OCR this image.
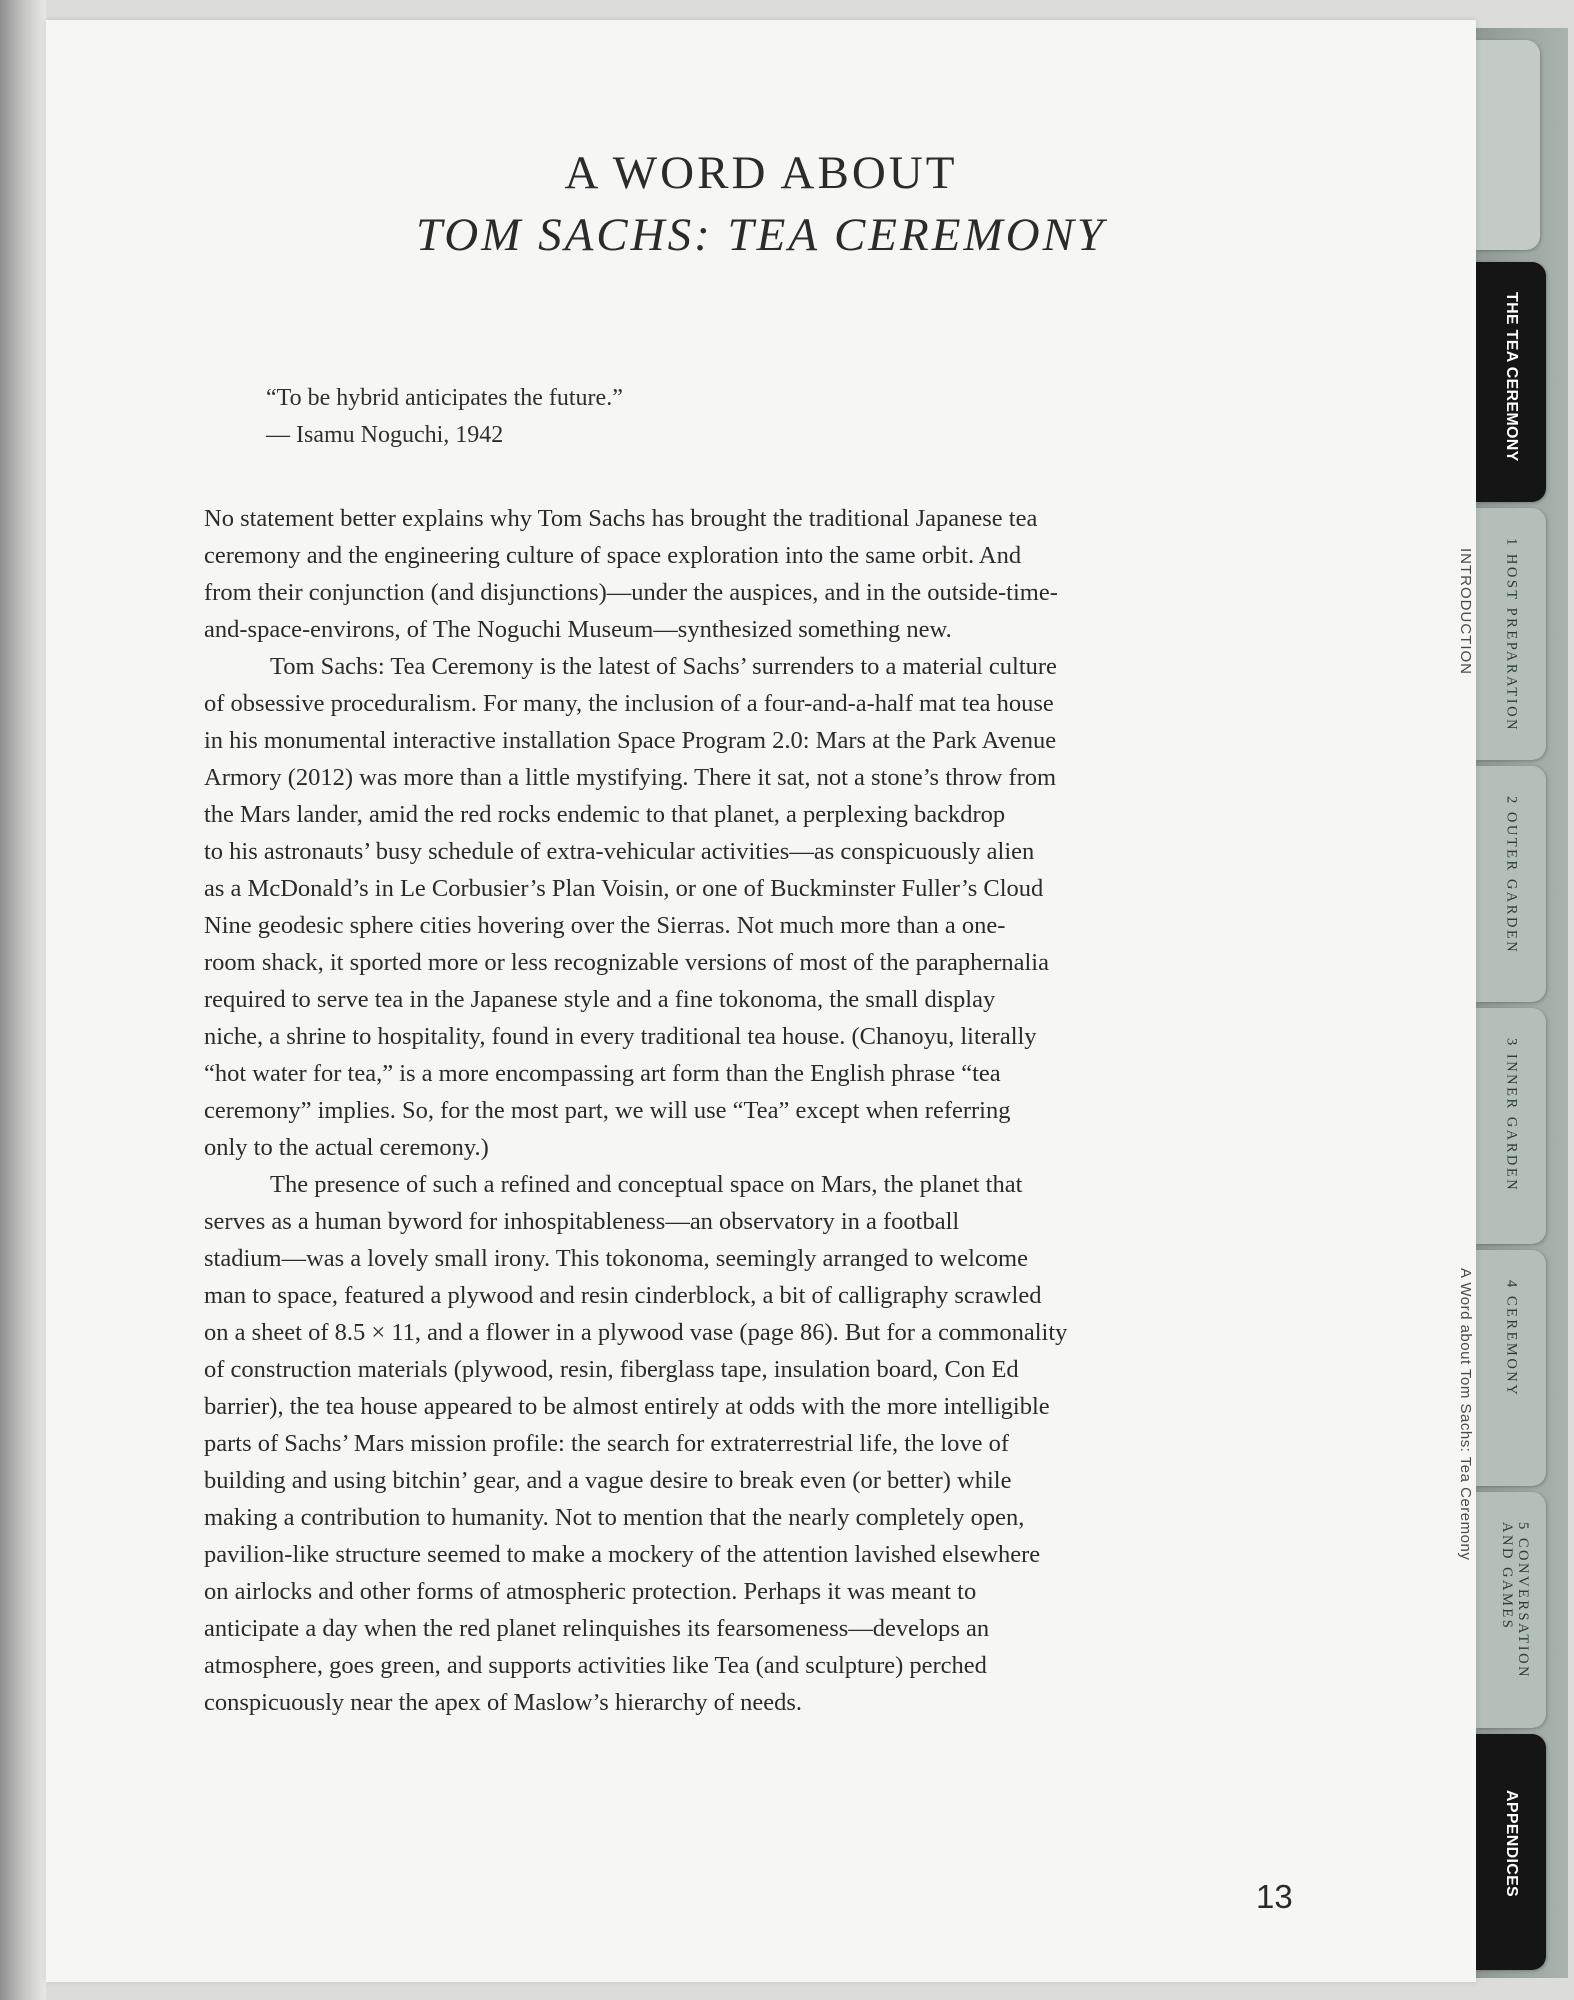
THE TEA CEREMONY
1 HOST PREPARATION
2 OUTER GARDEN
3 INNER GARDEN
4 CEREMONY
5 CONVERSATION AND GAMES
APPENDICES
A WORD ABOUT
TOM SACHS: TEA CEREMONY
“To be hybrid anticipates the future.”
— Isamu Noguchi, 1942
No statement better explains why Tom Sachs has brought the traditional Japanese tea
ceremony and the engineering culture of space exploration into the same orbit. And
from their conjunction (and disjunctions)—under the auspices, and in the outside-time-
and-space-environs, of The Noguchi Museum—synthesized something new.
Tom Sachs: Tea Ceremony is the latest of Sachs’ surrenders to a material culture
of obsessive proceduralism. For many, the inclusion of a four-and-a-half mat tea house
in his monumental interactive installation Space Program 2.0: Mars at the Park Avenue
Armory (2012) was more than a little mystifying. There it sat, not a stone’s throw from
the Mars lander, amid the red rocks endemic to that planet, a perplexing backdrop
to his astronauts’ busy schedule of extra-vehicular activities—as conspicuously alien
as a McDonald’s in Le Corbusier’s Plan Voisin, or one of Buckminster Fuller’s Cloud
Nine geodesic sphere cities hovering over the Sierras. Not much more than a one-
room shack, it sported more or less recognizable versions of most of the paraphernalia
required to serve tea in the Japanese style and a fine tokonoma, the small display
niche, a shrine to hospitality, found in every traditional tea house. (Chanoyu, literally
“hot water for tea,” is a more encompassing art form than the English phrase “tea
ceremony” implies. So, for the most part, we will use “Tea” except when referring
only to the actual ceremony.)
The presence of such a refined and conceptual space on Mars, the planet that
serves as a human byword for inhospitableness—an observatory in a football
stadium—was a lovely small irony. This tokonoma, seemingly arranged to welcome
man to space, featured a plywood and resin cinderblock, a bit of calligraphy scrawled
on a sheet of 8.5 × 11, and a flower in a plywood vase (page 86). But for a commonality
of construction materials (plywood, resin, fiberglass tape, insulation board, Con Ed
barrier), the tea house appeared to be almost entirely at odds with the more intelligible
parts of Sachs’ Mars mission profile: the search for extraterrestrial life, the love of
building and using bitchin’ gear, and a vague desire to break even (or better) while
making a contribution to humanity. Not to mention that the nearly completely open,
pavilion-like structure seemed to make a mockery of the attention lavished elsewhere
on airlocks and other forms of atmospheric protection. Perhaps it was meant to
anticipate a day when the red planet relinquishes its fearsomeness—develops an
atmosphere, goes green, and supports activities like Tea (and sculpture) perched
conspicuously near the apex of Maslow’s hierarchy of needs.
INTRODUCTION
A Word about Tom Sachs: Tea Ceremony
13
